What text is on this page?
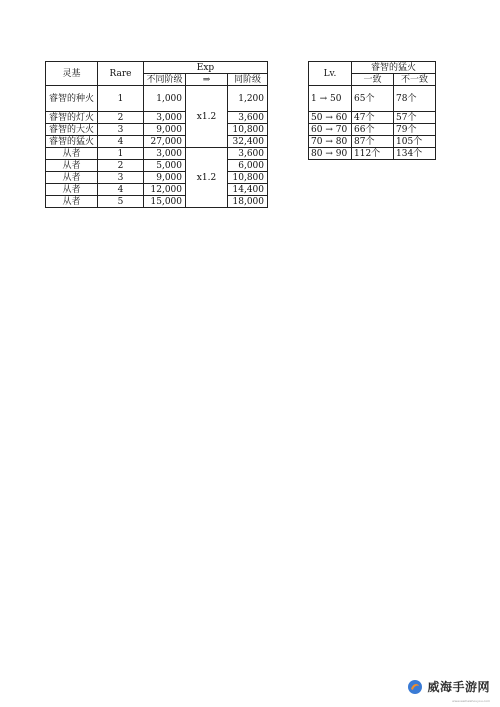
灵基	Rare	Exp		
		不同阶级	⇒	同阶级
睿智的种火	1	1,000	x1.2	1,200
睿智的灯火	2	3,000		3,600
睿智的大火	3	9,000		10,800
睿智的猛火	4	27,000		32,400
从者	1	3,000	x1.2	3,600
从者	2	5,000		6,000
从者	3	9,000		10,800
从者	4	12,000		14,400
从者	5	15,000		18,000
Lv.	睿智的猛火	
	一致	不一致
1 → 50	65个	78个
50 → 60	47个	57个
60 → 70	66个	79个
70 → 80	87个	105个
80 → 90	112个	134个
威海手游网
www.weihaishouyou.com
